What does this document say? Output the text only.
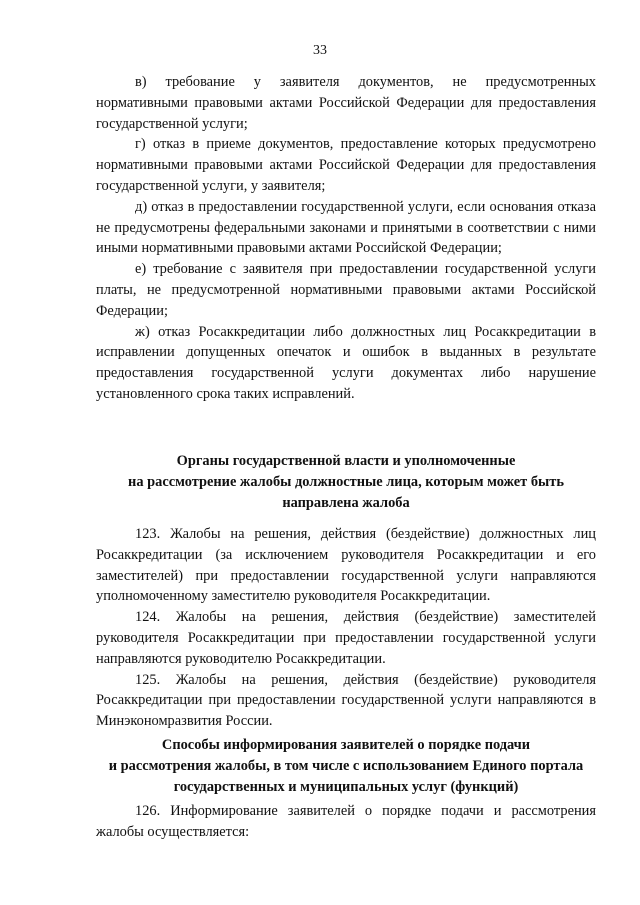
33

в) требование у заявителя документов, не предусмотренных нормативными правовыми актами Российской Федерации для предоставления государственной услуги;

г) отказ в приеме документов, предоставление которых предусмотрено нормативными правовыми актами Российской Федерации для предоставления государственной услуги, у заявителя;

д) отказ в предоставлении государственной услуги, если основания отказа не предусмотрены федеральными законами и принятыми в соответствии с ними иными нормативными правовыми актами Российской Федерации;

е) требование с заявителя при предоставлении государственной услуги платы, не предусмотренной нормативными правовыми актами Российской Федерации;

ж) отказ Росаккредитации либо должностных лиц Росаккредитации в исправлении допущенных опечаток и ошибок в выданных в результате предоставления государственной услуги документах либо нарушение установленного срока таких исправлений.

Органы государственной власти и уполномоченные
на рассмотрение жалобы должностные лица, которым может быть
направлена жалоба

123. Жалобы на решения, действия (бездействие) должностных лиц Росаккредитации (за исключением руководителя Росаккредитации и его заместителей) при предоставлении государственной услуги направляются уполномоченному заместителю руководителя Росаккредитации.

124. Жалобы на решения, действия (бездействие) заместителей руководителя Росаккредитации при предоставлении государственной услуги направляются руководителю Росаккредитации.

125. Жалобы на решения, действия (бездействие) руководителя Росаккредитации при предоставлении государственной услуги направляются в Минэкономразвития России.

Способы информирования заявителей о порядке подачи
и рассмотрения жалобы, в том числе с использованием Единого портала
государственных и муниципальных услуг (функций)

126. Информирование заявителей о порядке подачи и рассмотрения жалобы осуществляется:
